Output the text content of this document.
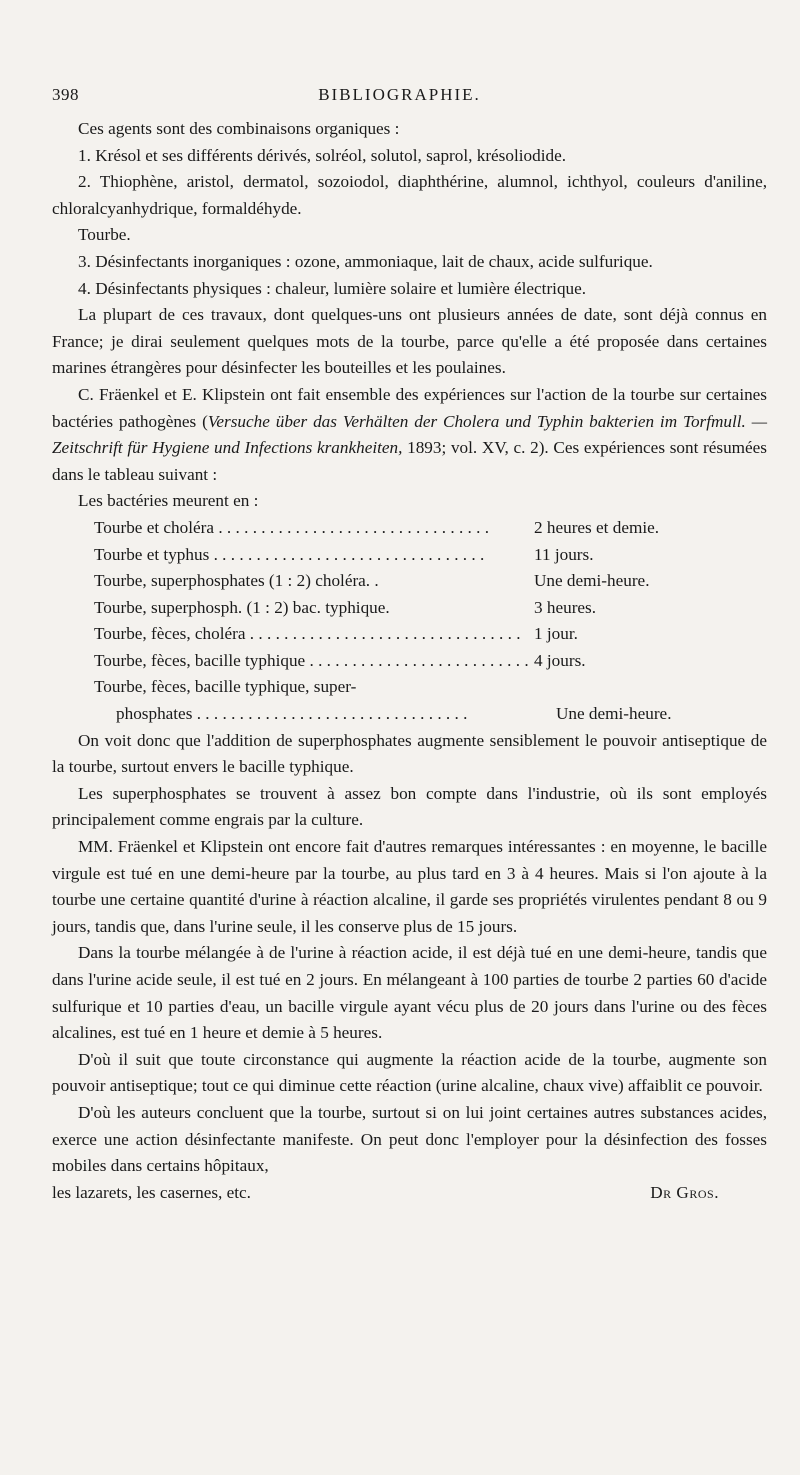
398	BIBLIOGRAPHIE.

Ces agents sont des combinaisons organiques :

1. Krésol et ses différents dérivés, solréol, solutol, saprol, krésoliodide.

2. Thiophène, aristol, dermatol, sozoiodol, diaphthérine, alumnol, ichthyol, couleurs d'aniline, chloralcyanhydrique, formaldéhyde.

Tourbe.

3. Désinfectants inorganiques : ozone, ammoniaque, lait de chaux, acide sulfurique.

4. Désinfectants physiques : chaleur, lumière solaire et lumière électrique.

La plupart de ces travaux, dont quelques-uns ont plusieurs années de date, sont déjà connus en France; je dirai seulement quelques mots de la tourbe, parce qu'elle a été proposée dans certaines marines étrangères pour désinfecter les bouteilles et les poulaines.

C. Fräenkel et E. Klipstein ont fait ensemble des expériences sur l'action de la tourbe sur certaines bactéries pathogènes (Versuche über das Verhälten der Cholera und Typhin bakterien im Torfmull. — Zeitschrift für Hygiene und Infections krankheiten, 1893; vol. XV, c. 2). Ces expériences sont résumées dans le tableau suivant :

Les bactéries meurent en :

Tourbe et choléra . . .	2 heures et demie.
Tourbe et typhus . . .	11 jours.
Tourbe, superphosphates (1 : 2) choléra. .	Une demi-heure.
Tourbe, superphosph. (1 : 2) bac. typhique.	3 heures.
Tourbe, fèces, choléra . . .	1 jour.
Tourbe, fèces, bacille typhique . . .	4 jours.
Tourbe, fèces, bacille typhique, super-
phosphates . . .	Une demi-heure.

On voit donc que l'addition de superphosphates augmente sensiblement le pouvoir antiseptique de la tourbe, surtout envers le bacille typhique.

Les superphosphates se trouvent à assez bon compte dans l'industrie, où ils sont employés principalement comme engrais par la culture.

MM. Fräenkel et Klipstein ont encore fait d'autres remarques intéressantes : en moyenne, le bacille virgule est tué en une demi-heure par la tourbe, au plus tard en 3 à 4 heures. Mais si l'on ajoute à la tourbe une certaine quantité d'urine à réaction alcaline, il garde ses propriétés virulentes pendant 8 ou 9 jours, tandis que, dans l'urine seule, il les conserve plus de 15 jours.

Dans la tourbe mélangée à de l'urine à réaction acide, il est déjà tué en une demi-heure, tandis que dans l'urine acide seule, il est tué en 2 jours. En mélangeant à 100 parties de tourbe 2 parties 60 d'acide sulfurique et 10 parties d'eau, un bacille virgule ayant vécu plus de 20 jours dans l'urine ou des fèces alcalines, est tué en 1 heure et demie à 5 heures.

D'où il suit que toute circonstance qui augmente la réaction acide de la tourbe, augmente son pouvoir antiseptique; tout ce qui diminue cette réaction (urine alcaline, chaux vive) affaiblit ce pouvoir.

D'où les auteurs concluent que la tourbe, surtout si on lui joint certaines autres substances acides, exerce une action désinfectante manifeste. On peut donc l'employer pour la désinfection des fosses mobiles dans certains hôpitaux,

les lazarets, les casernes, etc.	Dr Gros.
